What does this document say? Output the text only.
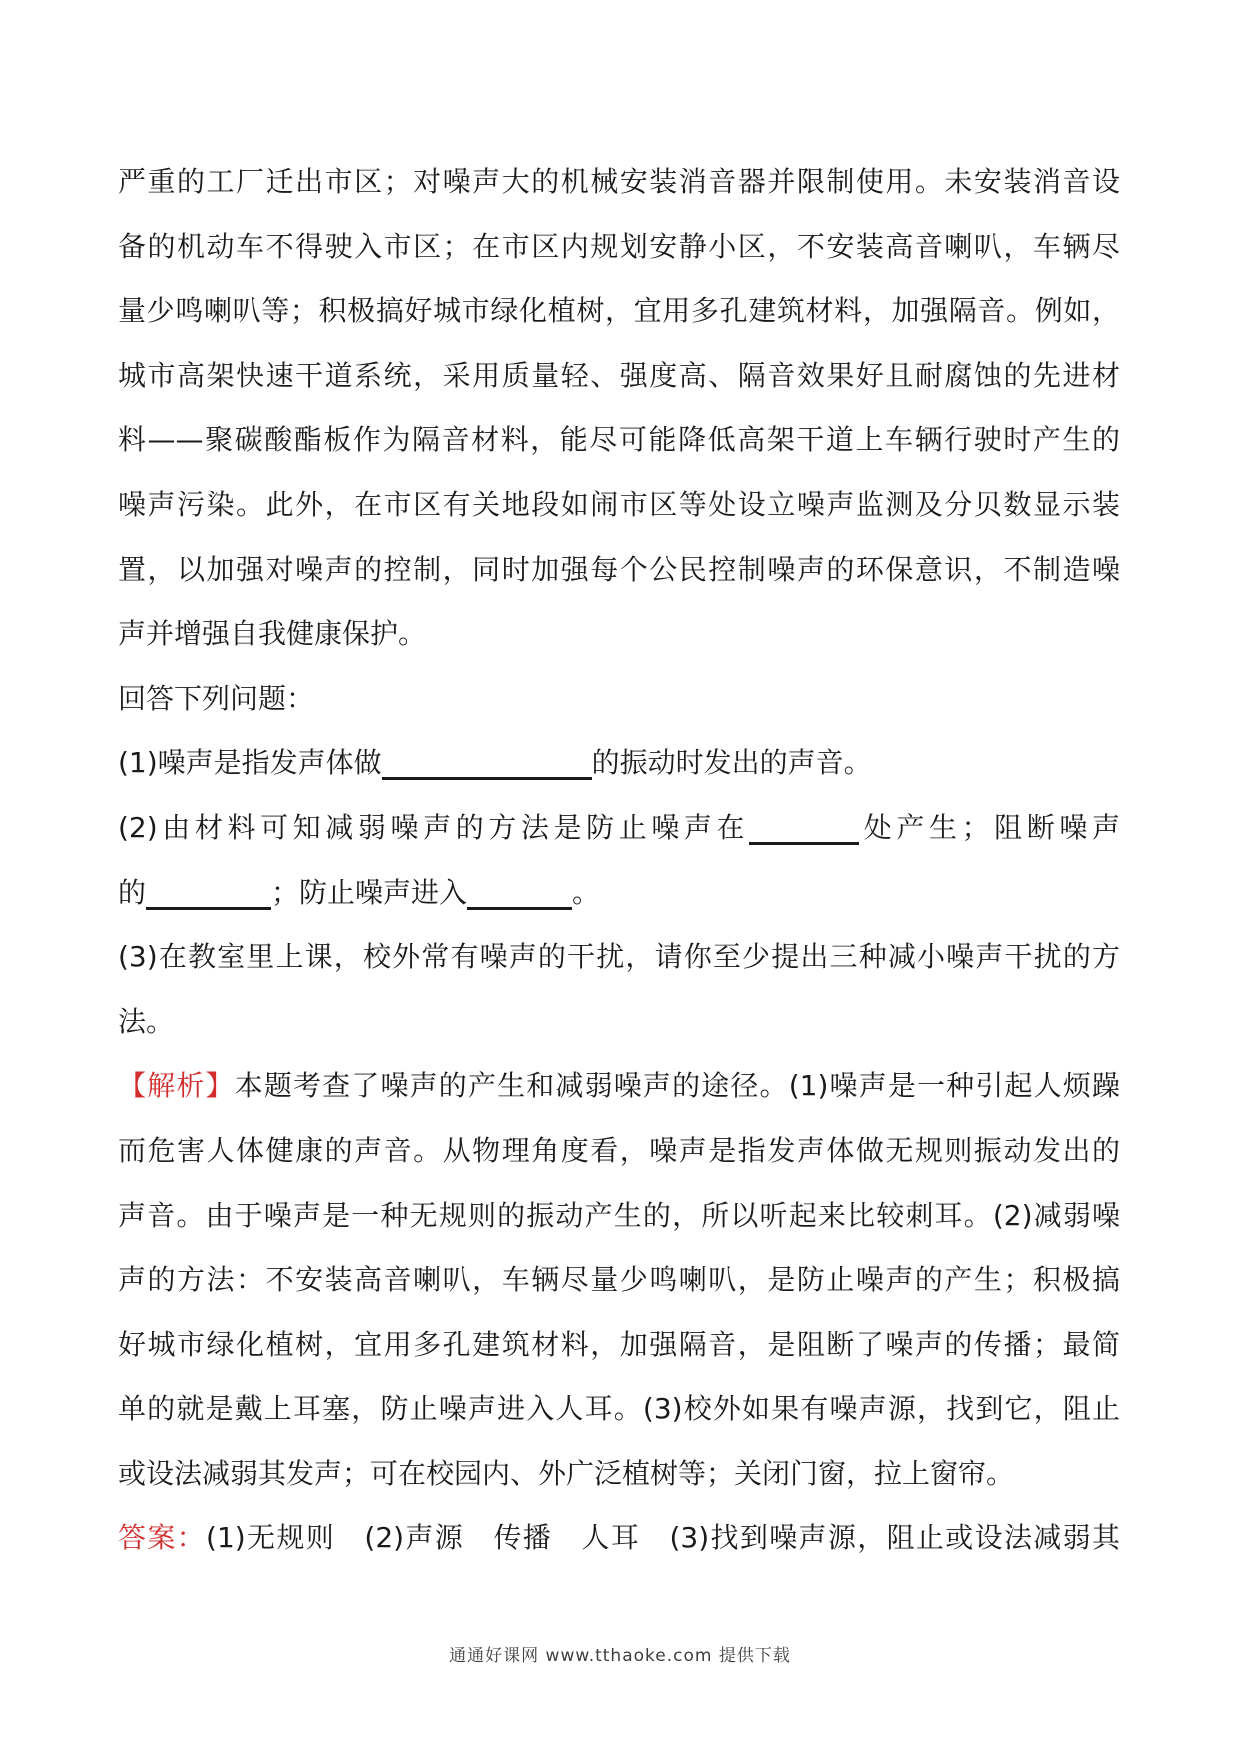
严重的工厂迁出市区；对噪声大的机械安装消音器并限制使用。未安装消音设
备的机动车不得驶入市区；在市区内规划安静小区，不安装高音喇叭，车辆尽
量少鸣喇叭等；积极搞好城市绿化植树，宜用多孔建筑材料，加强隔音。例如，
城市高架快速干道系统，采用质量轻、强度高、隔音效果好且耐腐蚀的先进材
料——聚碳酸酯板作为隔音材料，能尽可能降低高架干道上车辆行驶时产生的
噪声污染。此外，在市区有关地段如闹市区等处设立噪声监测及分贝数显示装
置，以加强对噪声的控制，同时加强每个公民控制噪声的环保意识，不制造噪
声并增强自我健康保护。
回答下列问题：
(1)噪声是指发声体做	的振动时发出的声音。
(2)由材料可知减弱噪声的方法是防止噪声在	处产生；阻断噪声
的	；防止噪声进入	。
(3)在教室里上课，校外常有噪声的干扰，请你至少提出三种减小噪声干扰的方
法。
【解析】本题考查了噪声的产生和减弱噪声的途径。(1)噪声是一种引起人烦躁
而危害人体健康的声音。从物理角度看，噪声是指发声体做无规则振动发出的
声音。由于噪声是一种无规则的振动产生的，所以听起来比较刺耳。(2)减弱噪
声的方法：不安装高音喇叭，车辆尽量少鸣喇叭，是防止噪声的产生；积极搞
好城市绿化植树，宜用多孔建筑材料，加强隔音，是阻断了噪声的传播；最简
单的就是戴上耳塞，防止噪声进入人耳。(3)校外如果有噪声源，找到它，阻止
或设法减弱其发声；可在校园内、外广泛植树等；关闭门窗，拉上窗帘。
答案：(1)无规则　(2)声源　传播　人耳　(3)找到噪声源，阻止或设法减弱其
通通好课网 www.tthaoke.com 提供下载
